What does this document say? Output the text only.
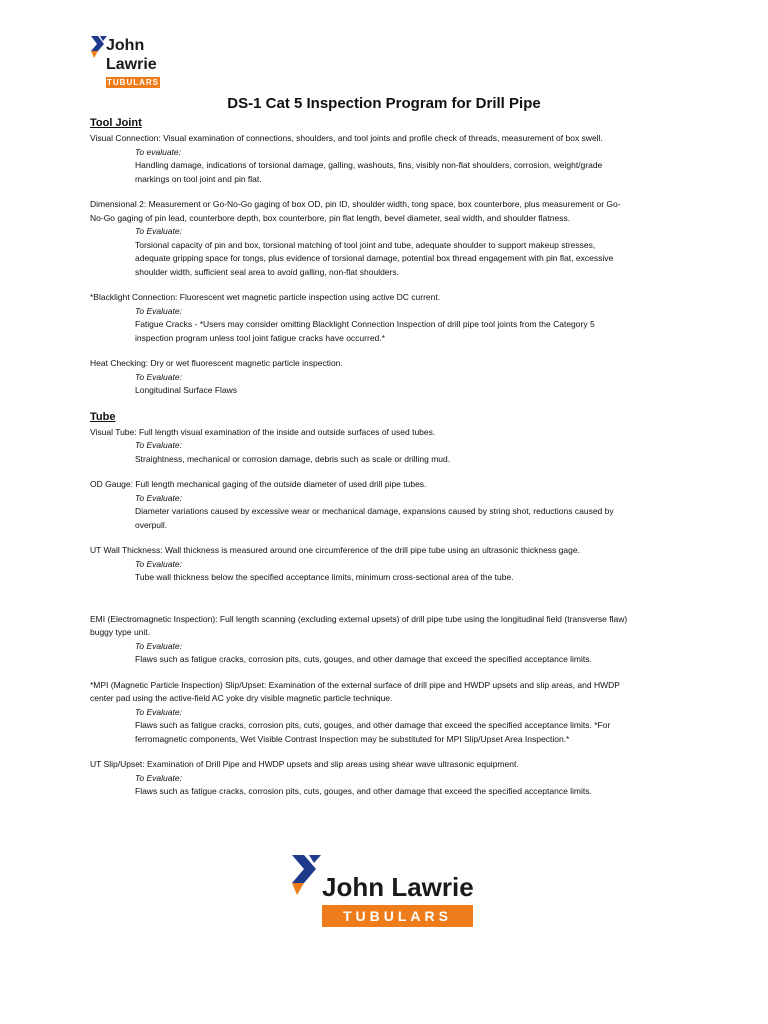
John
Lawrie
TUBULARS
DS-1 Cat 5 Inspection Program for Drill Pipe
Tool Joint
Visual Connection: Visual examination of connections, shoulders, and tool joints and profile check of threads, measurement of box swell.
To evaluate:
Handling damage, indications of torsional damage, galling, washouts, fins, visibly non-flat shoulders, corrosion, weight/grade
markings on tool joint and pin flat.
Dimensional 2: Measurement or Go-No-Go gaging of box OD, pin ID, shoulder width, tong space, box counterbore, plus measurement or Go-
No-Go gaging of pin lead, counterbore depth, box counterbore, pin flat length, bevel diameter, seal width, and shoulder flatness.
To Evaluate:
Torsional capacity of pin and box, torsional matching of tool joint and tube, adequate shoulder to support makeup stresses,
adequate gripping space for tongs, plus evidence of torsional damage, potential box thread engagement with pin flat, excessive
shoulder width, sufficient seal area to avoid galling, non-flat shoulders.
*Blacklight Connection: Fluorescent wet magnetic particle inspection using active DC current.
To Evaluate:
Fatigue Cracks - *Users may consider omitting Blacklight Connection Inspection of drill pipe tool joints from the Category 5
inspection program unless tool joint fatigue cracks have occurred.*
Heat Checking: Dry or wet fluorescent magnetic particle inspection.
To Evaluate:
Longitudinal Surface Flaws
Tube
Visual Tube: Full length visual examination of the inside and outside surfaces of used tubes.
To Evaluate:
Straightness, mechanical or corrosion damage, debris such as scale or drilling mud.
OD Gauge: Full length mechanical gaging of the outside diameter of used drill pipe tubes.
To Evaluate:
Diameter variations caused by excessive wear or mechanical damage, expansions caused by string shot, reductions caused by
overpull.
UT Wall Thickness: Wall thickness is measured around one circumference of the drill pipe tube using an ultrasonic thickness gage.
To Evaluate:
Tube wall thickness below the specified acceptance limits, minimum cross-sectional area of the tube.
EMI (Electromagnetic Inspection): Full length scanning (excluding external upsets) of drill pipe tube using the longitudinal field (transverse flaw)
buggy type unit.
To Evaluate:
Flaws such as fatigue cracks, corrosion pits, cuts, gouges, and other damage that exceed the specified acceptance limits.
*MPI (Magnetic Particle Inspection) Slip/Upset: Examination of the external surface of drill pipe and HWDP upsets and slip areas, and HWDP
center pad using the active-field AC yoke dry visible magnetic particle technique.
To Evaluate:
Flaws such as fatigue cracks, corrosion pits, cuts, gouges, and other damage that exceed the specified acceptance limits. *For
ferromagnetic components, Wet Visible Contrast Inspection may be substituted for MPI Slip/Upset Area Inspection.*
UT Slip/Upset: Examination of Drill Pipe and HWDP upsets and slip areas using shear wave ultrasonic equipment.
To Evaluate:
Flaws such as fatigue cracks, corrosion pits, cuts, gouges, and other damage that exceed the specified acceptance limits.
John Lawrie
TUBULARS
